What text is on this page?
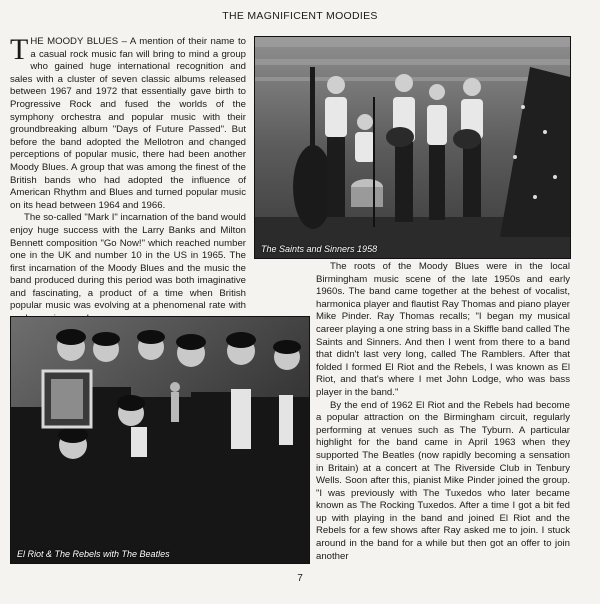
THE MAGNIFICENT MOODIES

THE MOODY BLUES – A mention of their name to a casual rock music fan will bring to mind a group who gained huge international recognition and sales with a cluster of seven classic albums released between 1967 and 1972 that essentially gave birth to Progressive Rock and fused the worlds of the symphony orchestra and popular music with their groundbreaking album "Days of Future Passed". But before the band adopted the Mellotron and changed perceptions of popular music, there had been another Moody Blues. A group that was among the finest of the British bands who had adopted the influence of American Rhythm and Blues and turned popular music on its head between 1964 and 1966.

The so-called "Mark I" incarnation of the band would enjoy huge success with the Larry Banks and Milton Bennett composition "Go Now!" which reached number one in the UK and number 10 in the US in 1965. The first incarnation of the Moody Blues and the music the band produced during this period was both imaginative and fascinating, a product of a time when British popular music was evolving at a phenomenal rate with

The Saints and Sinners 1958
El Riot & The Rebels with The Beatles

The roots of the Moody Blues were in the local Birmingham music scene of the late 1950s and early 1960s. The band came together at the behest of vocalist, harmonica player and flautist Ray Thomas and piano player Mike Pinder. Ray Thomas recalls; "I began my musical career playing a one string bass in a Skiffle band called The Saints and Sinners. And then I went from there to a band that didn't last very long, called The Ramblers. After that folded I formed El Riot and the Rebels, I was known as El Riot, and that's where I met John Lodge, who was bass player in the band."

By the end of 1962 El Riot and the Rebels had become a popular attraction on the Birmingham circuit, regularly performing at venues such as The Tyburn. A particular highlight for the band came in April 1963 when they supported The Beatles (now rapidly becoming a sensation in Britain) at a concert at The Riverside Club in Tenbury Wells. Soon after this, pianist Mike Pinder joined the group. "I was previously with The Tuxedos who later became known as The Rocking Tuxedos. After a time I got a bit fed up with playing in the band and joined El Riot and the Rebels for a few shows after Ray asked me to join. I stuck around in the band for a while but then got an offer to join another

7
